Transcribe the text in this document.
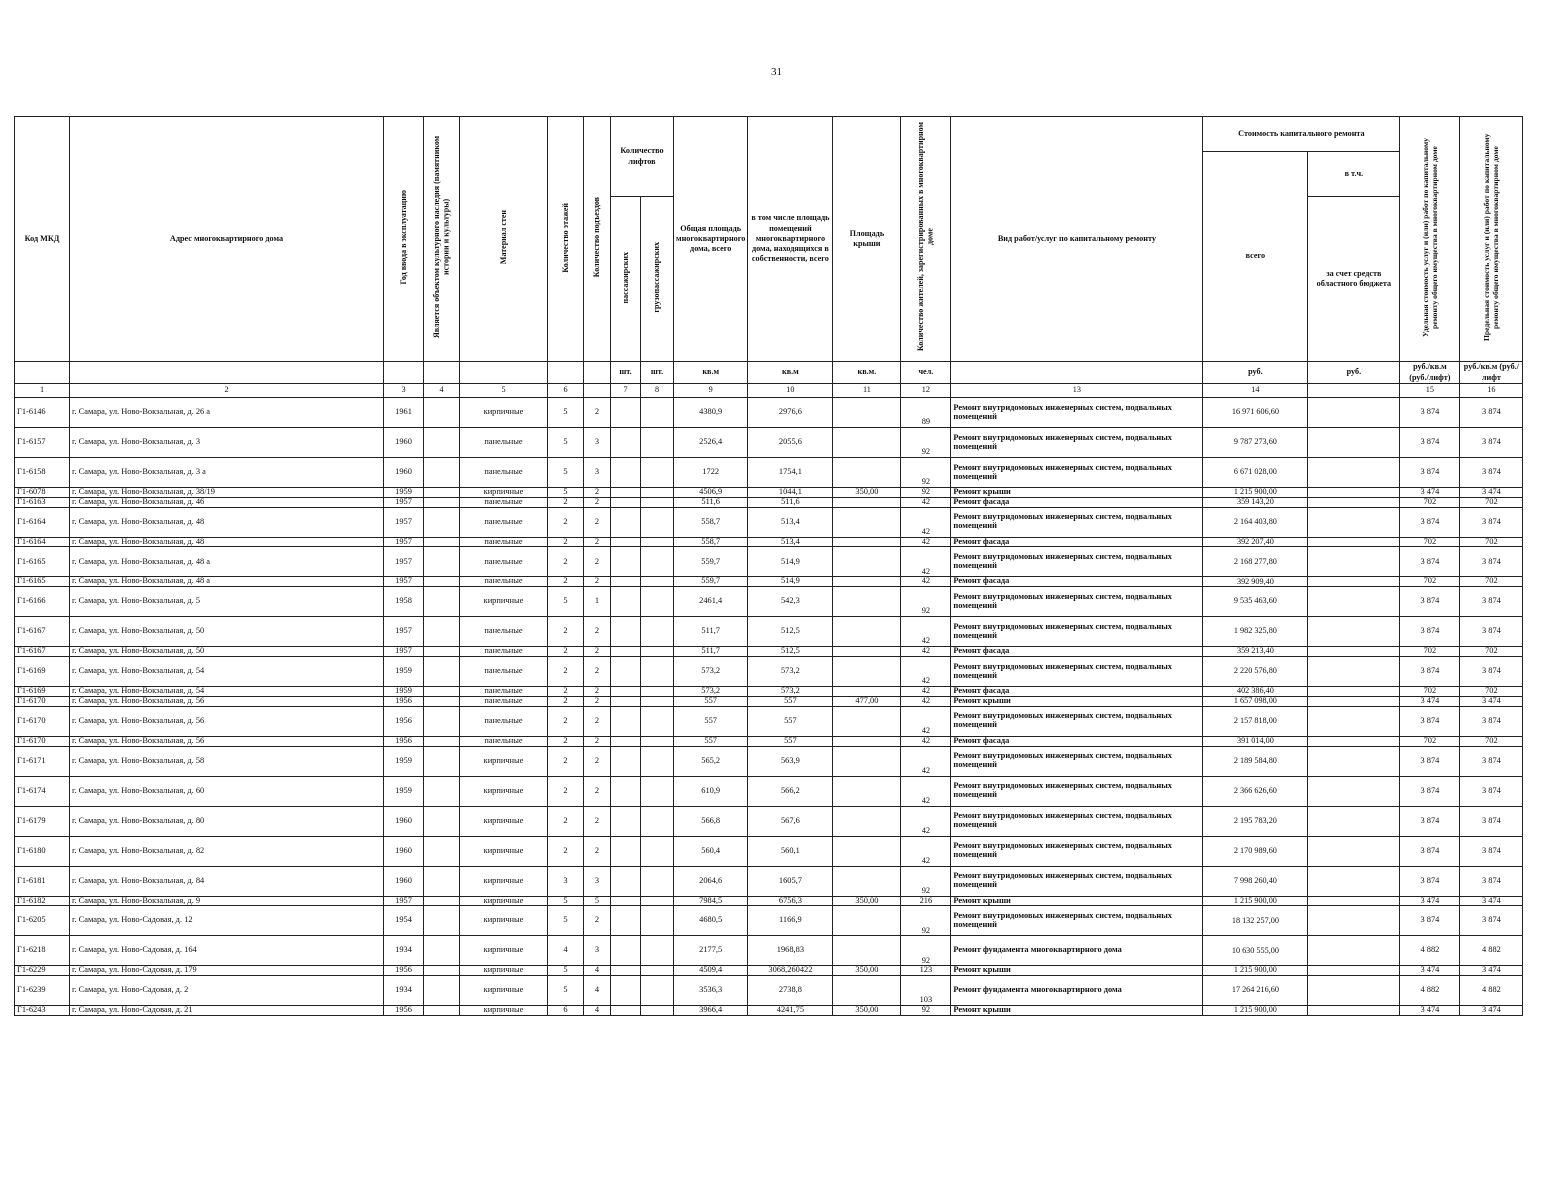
31
Код МКД	Адрес многоквартирного дома	Год ввода в эксплуатацию	Является объектом культурного наследия (памятником истории и культуры)	Материал стен	Количество этажей	Количество подъездов	Количество лифтов		Общая площадь многоквартирного дома, всего	в том числе площадь помещений многоквартирного дома, находящихся в собственности, всего	Площадь крыши	Количество жителей, зарегистрированных в многоквартирном доме	Вид работ/услуг по капитальному ремонту	Стоимость капитального ремонта		Удельная стоимость услуг и (или) работ по капитальному ремонту общего имущества в многоквартирном доме	Предельная стоимость услуг и (или) работ по капитальному ремонту общего имущества в многоквартирном доме
														всего	в т.ч.		
							пассажирских	грузопассажирских							за счет средств областного бюджета		
							шт.	шт.	кв.м	кв.м	кв.м.	чел.		руб.	руб.	руб./кв.м (руб./лифт)	руб./кв.м (руб./лифт
1	2	3	4	5	6		7	8	9	10	11	12	13	14		15	16
Г1-6146	г. Самара, ул. Ново-Вокзальная, д. 26 а	1961		кирпичные	5	2			4380,9	2976,6		89	Ремонт внутридомовых инженерных систем, подвальных помещений	16 971 606,60		3 874	3 874
Г1-6157	г. Самара, ул. Ново-Вокзальная, д. 3	1960		панельные	5	3			2526,4	2055,6		92	Ремонт внутридомовых инженерных систем, подвальных помещений	9 787 273,60		3 874	3 874
Г1-6158	г. Самара, ул. Ново-Вокзальная, д. 3 а	1960		панельные	5	3			1722	1754,1		92	Ремонт внутридомовых инженерных систем, подвальных помещений	6 671 028,00		3 874	3 874
Г1-6078	г. Самара, ул. Ново-Вокзальная, д. 38/19	1959		кирпичные	5	2			4506,9	1044,1	350,00	92	Ремонт крыши	1 215 900,00		3 474	3 474
Г1-6163	г. Самара, ул. Ново-Вокзальная, д. 46	1957		панельные	2	2			511,6	511,6		42	Ремонт фасада	359 143,20		702	702
Г1-6164	г. Самара, ул. Ново-Вокзальная, д. 48	1957		панельные	2	2			558,7	513,4		42	Ремонт внутридомовых инженерных систем, подвальных помещений	2 164 403,80		3 874	3 874
Г1-6164	г. Самара, ул. Ново-Вокзальная, д. 48	1957		панельные	2	2			558,7	513,4		42	Ремонт фасада	392 207,40		702	702
Г1-6165	г. Самара, ул. Ново-Вокзальная, д. 48 а	1957		панельные	2	2			559,7	514,9		42	Ремонт внутридомовых инженерных систем, подвальных помещений	2 168 277,80		3 874	3 874
Г1-6165	г. Самара, ул. Ново-Вокзальная, д. 48 а	1957		панельные	2	2			559,7	514,9		42	Ремонт фасада	392 909,40		702	702
Г1-6166	г. Самара, ул. Ново-Вокзальная, д. 5	1958		кирпичные	5	1			2461,4	542,3		92	Ремонт внутридомовых инженерных систем, подвальных помещений	9 535 463,60		3 874	3 874
Г1-6167	г. Самара, ул. Ново-Вокзальная, д. 50	1957		панельные	2	2			511,7	512,5		42	Ремонт внутридомовых инженерных систем, подвальных помещений	1 982 325,80		3 874	3 874
Г1-6167	г. Самара, ул. Ново-Вокзальная, д. 50	1957		панельные	2	2			511,7	512,5		42	Ремонт фасада	359 213,40		702	702
Г1-6169	г. Самара, ул. Ново-Вокзальная, д. 54	1959		панельные	2	2			573,2	573,2		42	Ремонт внутридомовых инженерных систем, подвальных помещений	2 220 576,80		3 874	3 874
Г1-6169	г. Самара, ул. Ново-Вокзальная, д. 54	1959		панельные	2	2			573,2	573,2		42	Ремонт фасада	402 386,40		702	702
Г1-6170	г. Самара, ул. Ново-Вокзальная, д. 56	1956		панельные	2	2			557	557	477,00	42	Ремонт крыши	1 657 098,00		3 474	3 474
Г1-6170	г. Самара, ул. Ново-Вокзальная, д. 56	1956		панельные	2	2			557	557		42	Ремонт внутридомовых инженерных систем, подвальных помещений	2 157 818,00		3 874	3 874
Г1-6170	г. Самара, ул. Ново-Вокзальная, д. 56	1956		панельные	2	2			557	557		42	Ремонт фасада	391 014,00		702	702
Г1-6171	г. Самара, ул. Ново-Вокзальная, д. 58	1959		кирпичные	2	2			565,2	563,9		42	Ремонт внутридомовых инженерных систем, подвальных помещений	2 189 584,80		3 874	3 874
Г1-6174	г. Самара, ул. Ново-Вокзальная, д. 60	1959		кирпичные	2	2			610,9	566,2		42	Ремонт внутридомовых инженерных систем, подвальных помещений	2 366 626,60		3 874	3 874
Г1-6179	г. Самара, ул. Ново-Вокзальная, д. 80	1960		кирпичные	2	2			566,8	567,6		42	Ремонт внутридомовых инженерных систем, подвальных помещений	2 195 783,20		3 874	3 874
Г1-6180	г. Самара, ул. Ново-Вокзальная, д. 82	1960		кирпичные	2	2			560,4	560,1		42	Ремонт внутридомовых инженерных систем, подвальных помещений	2 170 989,60		3 874	3 874
Г1-6181	г. Самара, ул. Ново-Вокзальная, д. 84	1960		кирпичные	3	3			2064,6	1605,7		92	Ремонт внутридомовых инженерных систем, подвальных помещений	7 998 260,40		3 874	3 874
Г1-6182	г. Самара, ул. Ново-Вокзальная, д. 9	1957		кирпичные	5	5			7984,5	6756,3	350,00	216	Ремонт крыши	1 215 900,00		3 474	3 474
Г1-6205	г. Самара, ул. Ново-Садовая, д. 12	1954		кирпичные	5	2			4680,5	1166,9		92	Ремонт внутридомовых инженерных систем, подвальных помещений	18 132 257,00		3 874	3 874
Г1-6218	г. Самара, ул. Ново-Садовая, д. 164	1934		кирпичные	4	3			2177,5	1968,83		92	Ремонт фундамента многоквартирного дома	10 630 555,00		4 882	4 882
Г1-6229	г. Самара, ул. Ново-Садовая, д. 179	1956		кирпичные	5	4			4509,4	3068,260422	350,00	123	Ремонт крыши	1 215 900,00		3 474	3 474
Г1-6239	г. Самара, ул. Ново-Садовая, д. 2	1934		кирпичные	5	4			3536,3	2738,8		103	Ремонт фундамента многоквартирного дома	17 264 216,60		4 882	4 882
Г1-6243	г. Самара, ул. Ново-Садовая, д. 21	1956		кирпичные	6	4			3966,4	4241,75	350,00	92	Ремонт крыши	1 215 900,00		3 474	3 474
